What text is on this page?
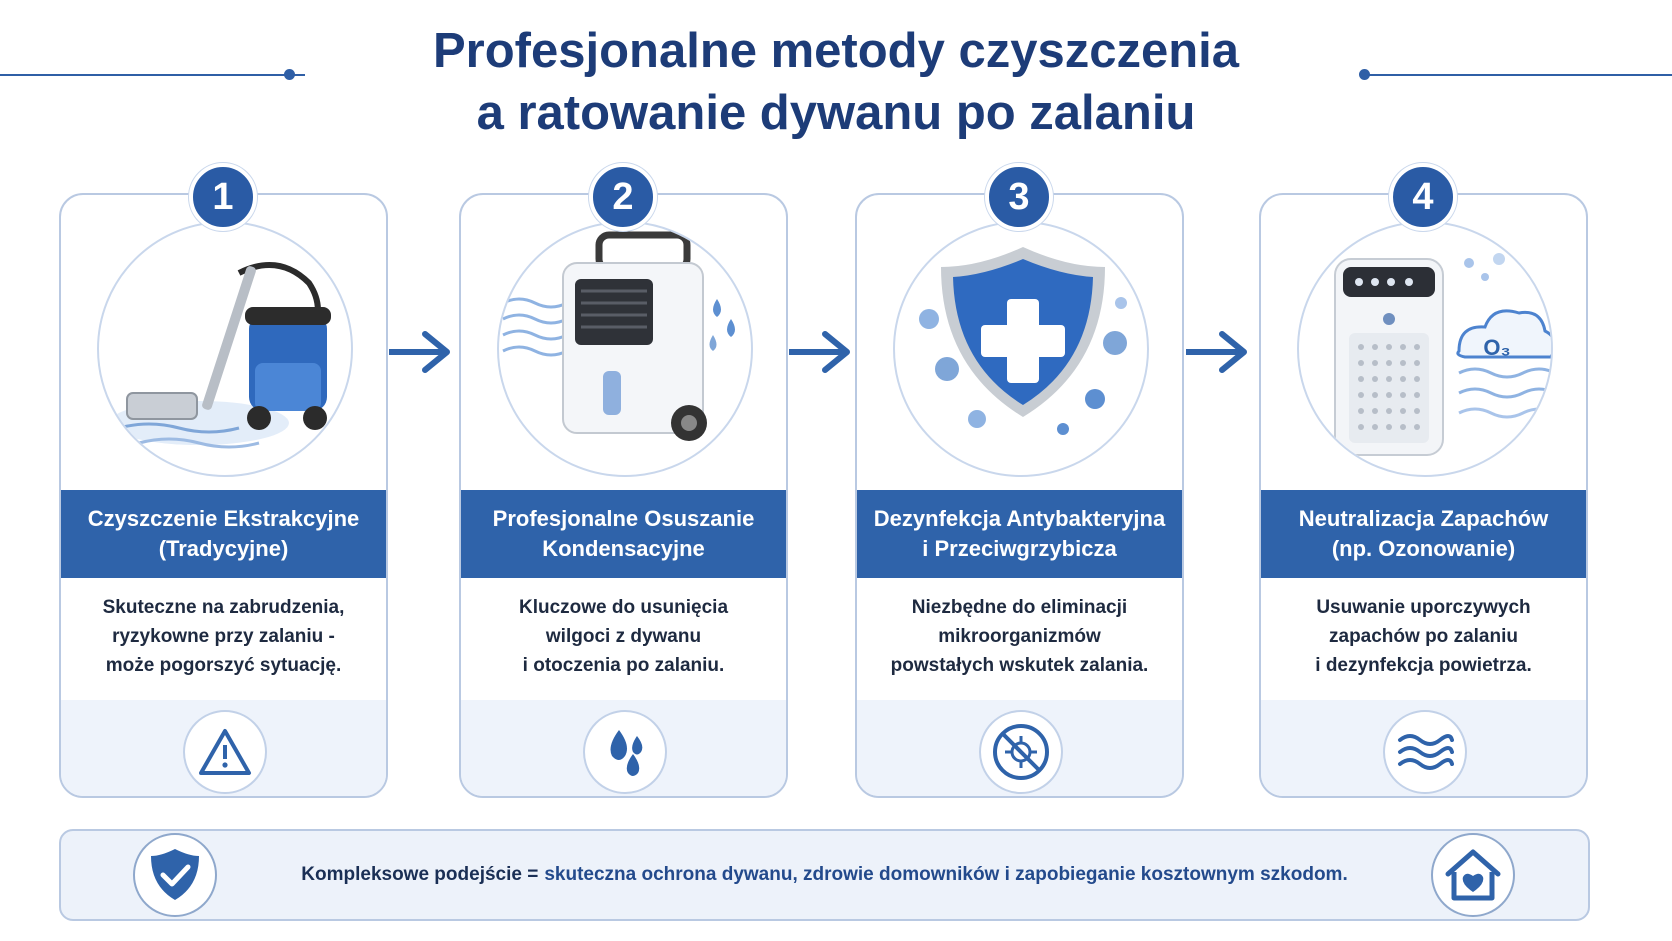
Profesjonalne metody czyszczenia
a ratowanie dywanu po zalaniu
Czyszczenie Ekstrakcyjne
(Tradycyjne)
Skuteczne na zabrudzenia,
ryzykowne przy zalaniu -
może pogorszyć sytuację.
1
Profesjonalne Osuszanie
Kondensacyjne
Kluczowe do usunięcia
wilgoci z dywanu
i otoczenia po zalaniu.
2
Dezynfekcja Antybakteryjna
i Przeciwgrzybicza
Niezbędne do eliminacji
mikroorganizmów
powstałych wskutek zalania.
3
O₃
Neutralizacja Zapachów
(np. Ozonowanie)
Usuwanie uporczywych
zapachów po zalaniu
i dezynfekcja powietrza.
4
Kompleksowe podejście = skuteczna ochrona dywanu, zdrowie domowników i zapobieganie kosztownym szkodom.
